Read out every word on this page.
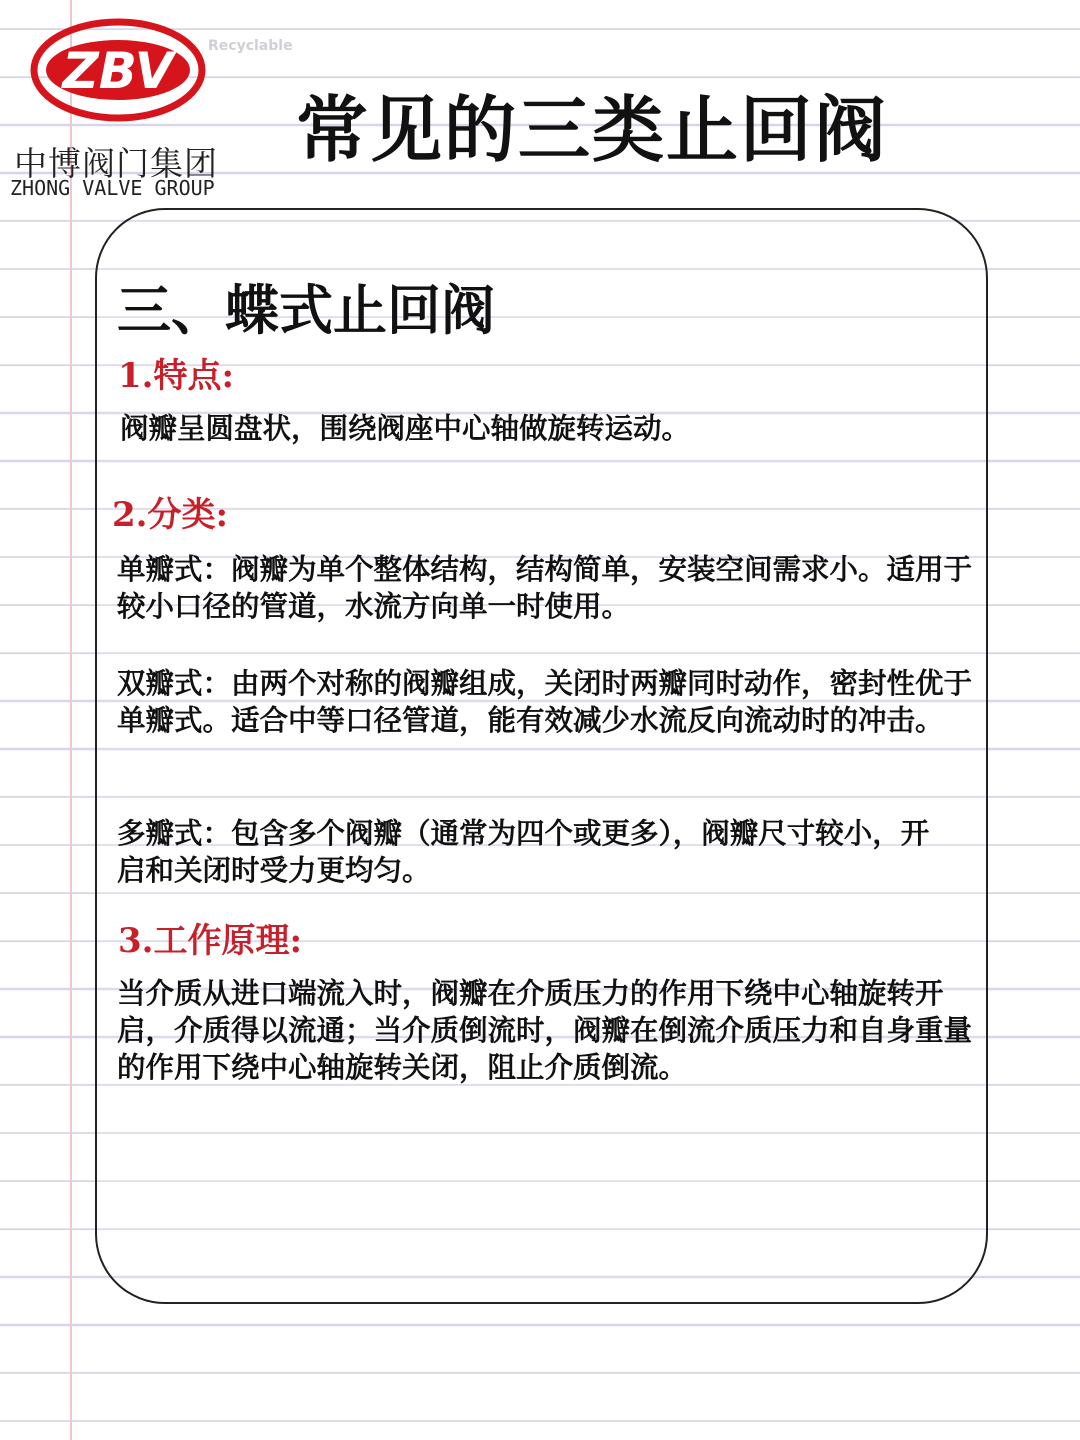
ZBV
中博阀门集团
ZHONG VALVE GROUP
Recyclable
常见的三类止回阀
三、蝶式止回阀
1.特点:
阀瓣呈圆盘状，围绕阀座中心轴做旋转运动。
2.分类:
单瓣式：阀瓣为单个整体结构，结构简单，安装空间需求小。适用于较小口径的管道，水流方向单一时使用。
双瓣式：由两个对称的阀瓣组成，关闭时两瓣同时动作，密封性优于单瓣式。适合中等口径管道，能有效减少水流反向流动时的冲击。
多瓣式：包含多个阀瓣（通常为四个或更多），阀瓣尺寸较小，开启和关闭时受力更均匀。
3.工作原理:
当介质从进口端流入时，阀瓣在介质压力的作用下绕中心轴旋转开启，介质得以流通；当介质倒流时，阀瓣在倒流介质压力和自身重量的作用下绕中心轴旋转关闭，阻止介质倒流。
